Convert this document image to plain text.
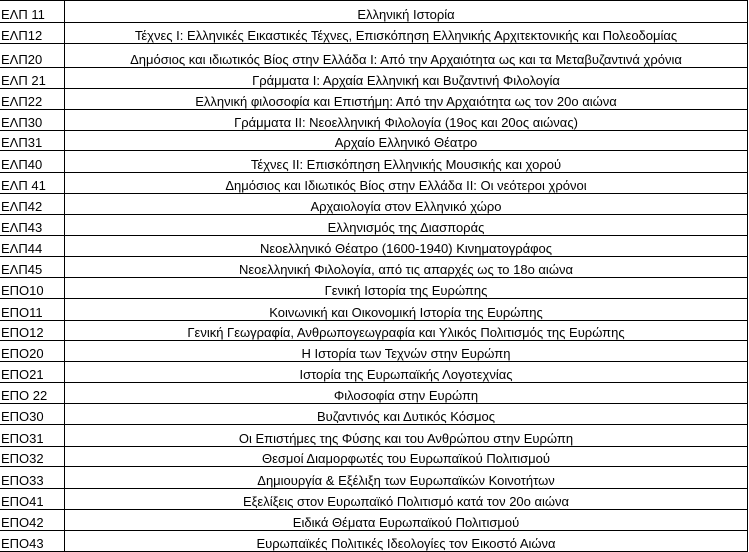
ΕΛΠ 11	Ελληνική Ιστορία
ΕΛΠ12	Τέχνες Ι: Ελληνικές Εικαστικές Τέχνες, Επισκόπηση Ελληνικής Αρχιτεκτονικής και Πολεοδομίας
ΕΛΠ20	Δημόσιος και ιδιωτικός Βίος στην Ελλάδα Ι: Από την Αρχαιότητα ως και τα Μεταβυζαντινά χρόνια
ΕΛΠ 21	Γράμματα Ι: Αρχαία Ελληνική και Βυζαντινή Φιλολογία
ΕΛΠ22	Ελληνική φιλοσοφία και Επιστήμη: Από την Αρχαιότητα ως τον 20ο αιώνα
ΕΛΠ30	Γράμματα ΙΙ: Νεοελληνική Φιλολογία (19ος και 20ος αιώνας)
ΕΛΠ31	Αρχαίο Ελληνικό Θέατρο
ΕΛΠ40	Τέχνες ΙΙ: Επισκόπηση Ελληνικής Μουσικής και χορού
ΕΛΠ 41	Δημόσιος και Ιδιωτικός Βίος στην Ελλάδα ΙΙ: Οι νεότεροι χρόνοι
ΕΛΠ42	Αρχαιολογία στον Ελληνικό χώρο
ΕΛΠ43	Ελληνισμός της Διασποράς
ΕΛΠ44	Νεοελληνικό Θέατρο (1600-1940) Κινηματογράφος
ΕΛΠ45	Νεοελληνική Φιλολογία, από τις απαρχές ως το 18ο αιώνα
ΕΠΟ10	Γενική Ιστορία της Ευρώπης
ΕΠΟ11	Κοινωνική και Οικονομική Ιστορία της Ευρώπης
ΕΠΟ12	Γενική Γεωγραφία, Ανθρωπογεωγραφία και Υλικός Πολιτισμός της Ευρώπης
ΕΠΟ20	Η Ιστορία των Τεχνών στην Ευρώπη
ΕΠΟ21	Ιστορία της Ευρωπαϊκής Λογοτεχνίας
ΕΠΟ 22	Φιλοσοφία στην Ευρώπη
ΕΠΟ30	Βυζαντινός και Δυτικός Κόσμος
ΕΠΟ31	Οι Επιστήμες της Φύσης και του Ανθρώπου στην Ευρώπη
ΕΠΟ32	Θεσμοί Διαμορφωτές του Ευρωπαϊκού Πολιτισμού
ΕΠΟ33	Δημιουργία & Εξέλιξη των Ευρωπαϊκών Κοινοτήτων
ΕΠΟ41	Εξελίξεις στον Ευρωπαϊκό Πολιτισμό κατά τον 20ο αιώνα
ΕΠΟ42	Ειδικά Θέματα Ευρωπαϊκού Πολιτισμού
ΕΠΟ43	Ευρωπαϊκές Πολιτικές Ιδεολογίες τον Εικοστό Αιώνα
